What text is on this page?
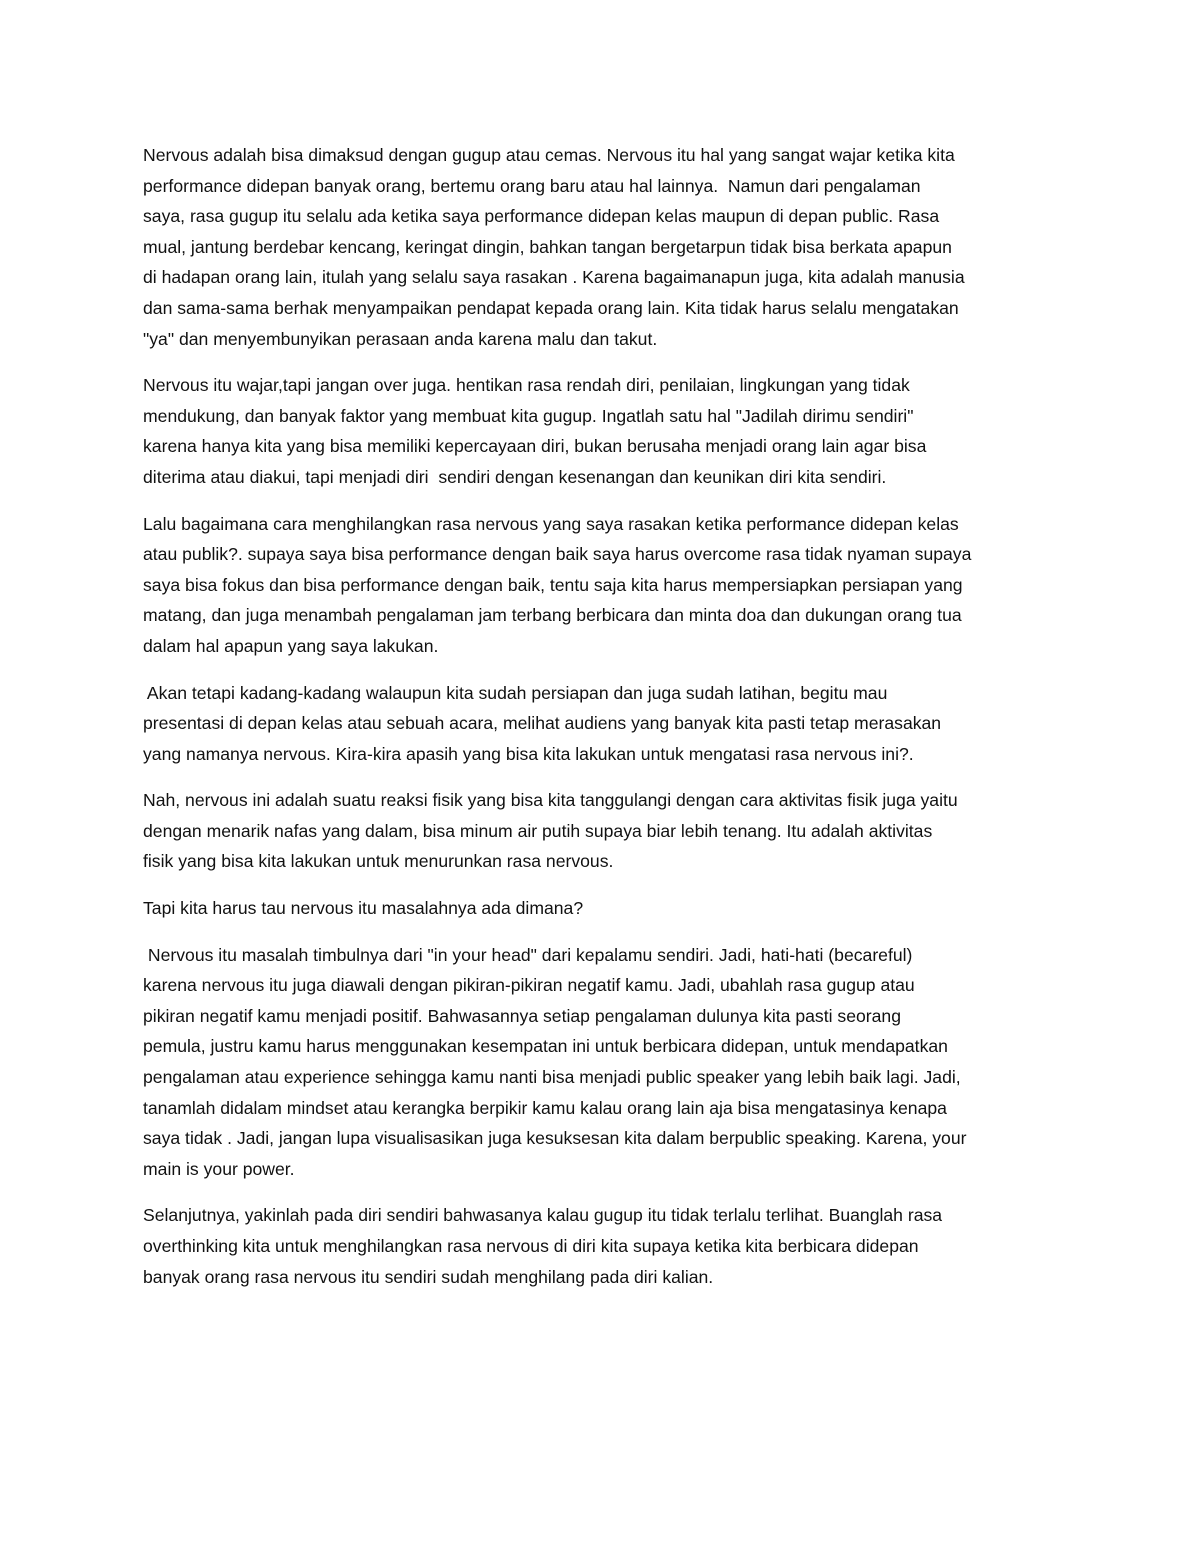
Nervous adalah bisa dimaksud dengan gugup atau cemas. Nervous itu hal yang sangat wajar ketika kita
performance didepan banyak orang, bertemu orang baru atau hal lainnya.  Namun dari pengalaman
saya, rasa gugup itu selalu ada ketika saya performance didepan kelas maupun di depan public. Rasa
mual, jantung berdebar kencang, keringat dingin, bahkan tangan bergetarpun tidak bisa berkata apapun
di hadapan orang lain, itulah yang selalu saya rasakan . Karena bagaimanapun juga, kita adalah manusia
dan sama-sama berhak menyampaikan pendapat kepada orang lain. Kita tidak harus selalu mengatakan
"ya" dan menyembunyikan perasaan anda karena malu dan takut.

Nervous itu wajar,tapi jangan over juga. hentikan rasa rendah diri, penilaian, lingkungan yang tidak
mendukung, dan banyak faktor yang membuat kita gugup. Ingatlah satu hal "Jadilah dirimu sendiri"
karena hanya kita yang bisa memiliki kepercayaan diri, bukan berusaha menjadi orang lain agar bisa
diterima atau diakui, tapi menjadi diri  sendiri dengan kesenangan dan keunikan diri kita sendiri.

Lalu bagaimana cara menghilangkan rasa nervous yang saya rasakan ketika performance didepan kelas
atau publik?. supaya saya bisa performance dengan baik saya harus overcome rasa tidak nyaman supaya
saya bisa fokus dan bisa performance dengan baik, tentu saja kita harus mempersiapkan persiapan yang
matang, dan juga menambah pengalaman jam terbang berbicara dan minta doa dan dukungan orang tua
dalam hal apapun yang saya lakukan.

Akan tetapi kadang-kadang walaupun kita sudah persiapan dan juga sudah latihan, begitu mau
presentasi di depan kelas atau sebuah acara, melihat audiens yang banyak kita pasti tetap merasakan
yang namanya nervous. Kira-kira apasih yang bisa kita lakukan untuk mengatasi rasa nervous ini?.

Nah, nervous ini adalah suatu reaksi fisik yang bisa kita tanggulangi dengan cara aktivitas fisik juga yaitu
dengan menarik nafas yang dalam, bisa minum air putih supaya biar lebih tenang. Itu adalah aktivitas
fisik yang bisa kita lakukan untuk menurunkan rasa nervous.

Tapi kita harus tau nervous itu masalahnya ada dimana?

Nervous itu masalah timbulnya dari "in your head" dari kepalamu sendiri. Jadi, hati-hati (becareful)
karena nervous itu juga diawali dengan pikiran-pikiran negatif kamu. Jadi, ubahlah rasa gugup atau
pikiran negatif kamu menjadi positif. Bahwasannya setiap pengalaman dulunya kita pasti seorang
pemula, justru kamu harus menggunakan kesempatan ini untuk berbicara didepan, untuk mendapatkan
pengalaman atau experience sehingga kamu nanti bisa menjadi public speaker yang lebih baik lagi. Jadi,
tanamlah didalam mindset atau kerangka berpikir kamu kalau orang lain aja bisa mengatasinya kenapa
saya tidak . Jadi, jangan lupa visualisasikan juga kesuksesan kita dalam berpublic speaking. Karena, your
main is your power.

Selanjutnya, yakinlah pada diri sendiri bahwasanya kalau gugup itu tidak terlalu terlihat. Buanglah rasa
overthinking kita untuk menghilangkan rasa nervous di diri kita supaya ketika kita berbicara didepan
banyak orang rasa nervous itu sendiri sudah menghilang pada diri kalian.
